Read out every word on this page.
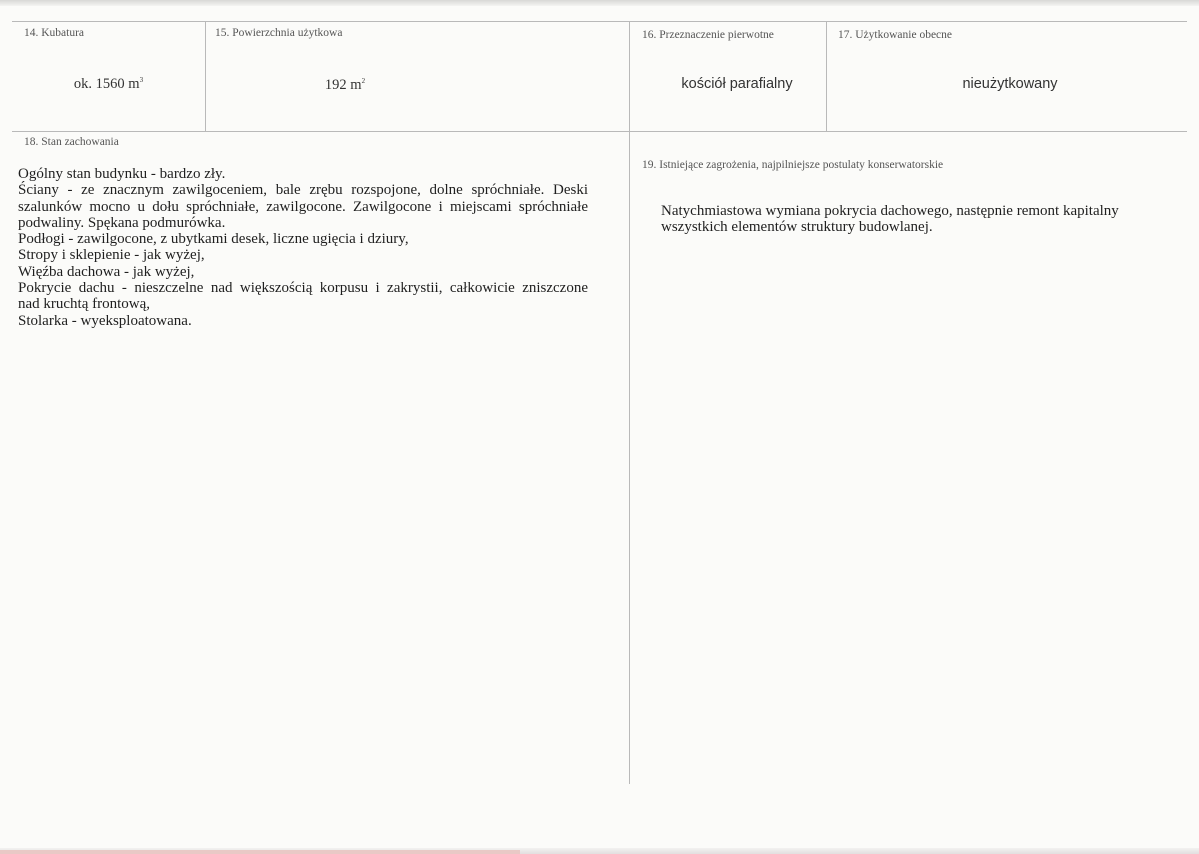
14. Kubatura
ok. 1560 $m^3$
15. Powierzchnia użytkowa
192 $m^2$
16. Przeznaczenie pierwotne
kościół parafialny
17. Użytkowanie obecne
nieużytkowany
18. Stan zachowania
Ogólny stan budynku - bardzo zły.
Ściany - ze znacznym zawilgoceniem, bale zrębu rozspojone, dolne spróchniałe. Deski
szalunków mocno u dołu spróchniałe, zawilgocone. Zawilgocone i miejscami spróchniałe
podwaliny. Spękana podmurówka.
Podłogi - zawilgocone, z ubytkami desek, liczne ugięcia i dziury,
Stropy i sklepienie - jak wyżej,
Więźba dachowa - jak wyżej,
Pokrycie dachu - nieszczelne nad większością korpusu i zakrystii, całkowicie zniszczone
nad kruchtą frontową,
Stolarka - wyeksploatowana.
19. Istniejące zagrożenia, najpilniejsze postulaty konserwatorskie
Natychmiastowa wymiana pokrycia dachowego, następnie remont kapitalny
wszystkich elementów struktury budowlanej.
